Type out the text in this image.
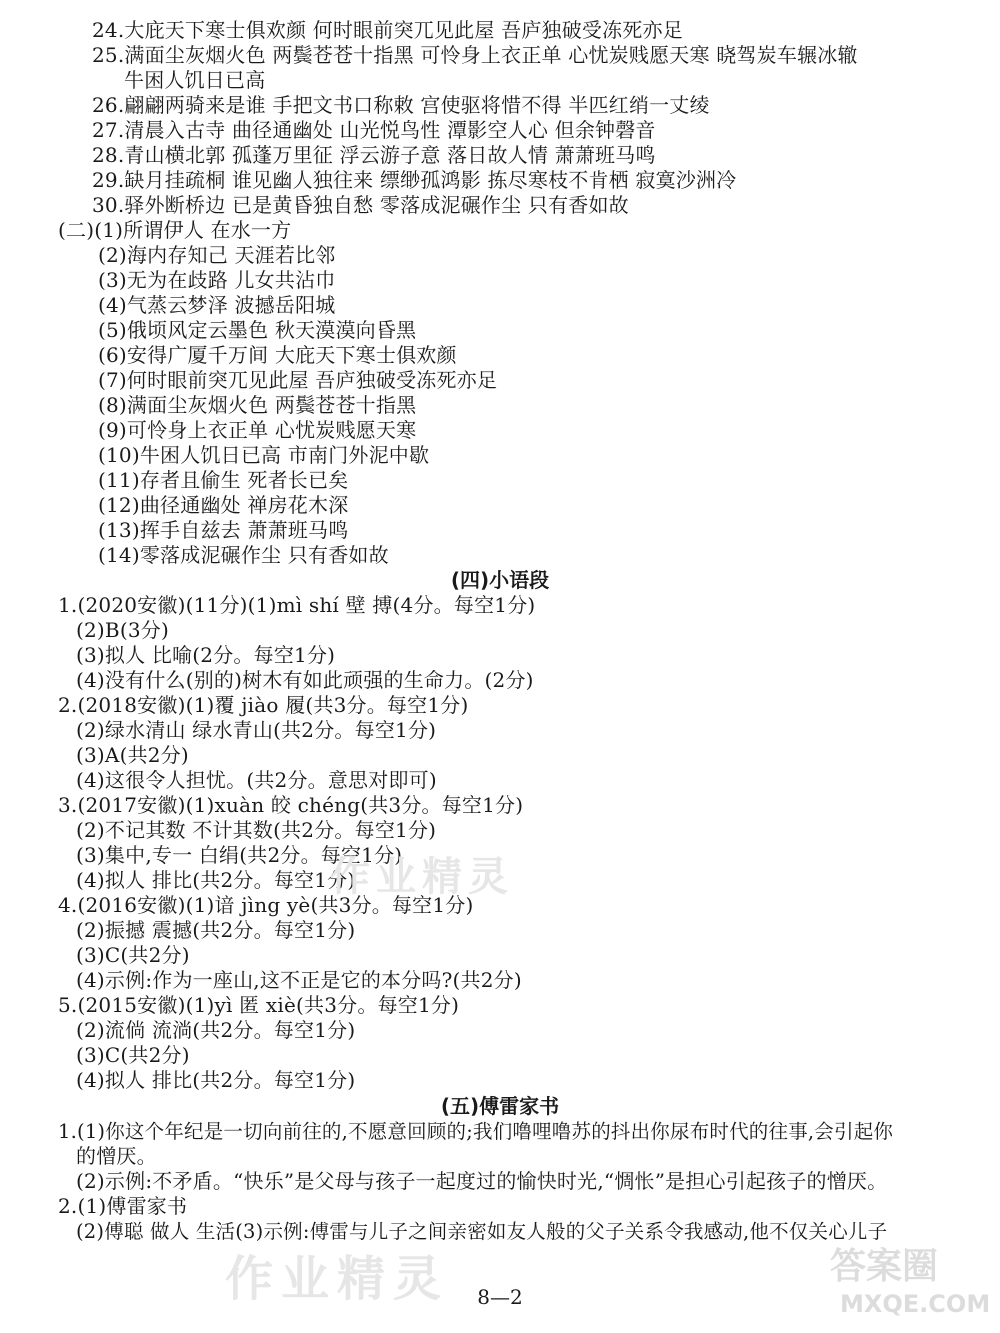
24.大庇天下寒士俱欢颜 何时眼前突兀见此屋 吾庐独破受冻死亦足
25.满面尘灰烟火色 两鬓苍苍十指黑 可怜身上衣正单 心忧炭贱愿天寒 晓驾炭车辗冰辙
牛困人饥日已高
26.翩翩两骑来是谁 手把文书口称敕 宫使驱将惜不得 半匹红绡一丈绫
27.清晨入古寺 曲径通幽处 山光悦鸟性 潭影空人心 但余钟磬音
28.青山横北郭 孤蓬万里征 浮云游子意 落日故人情 萧萧班马鸣
29.缺月挂疏桐 谁见幽人独往来 缥缈孤鸿影 拣尽寒枝不肯栖 寂寞沙洲冷
30.驿外断桥边 已是黄昏独自愁 零落成泥碾作尘 只有香如故
(二)(1)所谓伊人 在水一方
(2)海内存知己 天涯若比邻
(3)无为在歧路 儿女共沾巾
(4)气蒸云梦泽 波撼岳阳城
(5)俄顷风定云墨色 秋天漠漠向昏黑
(6)安得广厦千万间 大庇天下寒士俱欢颜
(7)何时眼前突兀见此屋 吾庐独破受冻死亦足
(8)满面尘灰烟火色 两鬓苍苍十指黑
(9)可怜身上衣正单 心忧炭贱愿天寒
(10)牛困人饥日已高 市南门外泥中歇
(11)存者且偷生 死者长已矣
(12)曲径通幽处 禅房花木深
(13)挥手自兹去 萧萧班马鸣
(14)零落成泥碾作尘 只有香如故
(四)小语段
1.(2020安徽)(11分)(1)mì shí 壁 搏(4分。每空1分)
(2)B(3分)
(3)拟人 比喻(2分。每空1分)
(4)没有什么(别的)树木有如此顽强的生命力。(2分)
2.(2018安徽)(1)覆 jiào 履(共3分。每空1分)
(2)绿水清山 绿水青山(共2分。每空1分)
(3)A(共2分)
(4)这很令人担忧。(共2分。意思对即可)
3.(2017安徽)(1)xuàn 皎 chéng(共3分。每空1分)
(2)不记其数 不计其数(共2分。每空1分)
(3)集中,专一 白绢(共2分。每空1分)
(4)拟人 排比(共2分。每空1分)
4.(2016安徽)(1)谙 jìng yè(共3分。每空1分)
(2)振撼 震撼(共2分。每空1分)
(3)C(共2分)
(4)示例:作为一座山,这不正是它的本分吗?(共2分)
5.(2015安徽)(1)yì 匿 xiè(共3分。每空1分)
(2)流倘 流淌(共2分。每空1分)
(3)C(共2分)
(4)拟人 排比(共2分。每空1分)
(五)傅雷家书
1.(1)你这个年纪是一切向前往的,不愿意回顾的;我们噜哩噜苏的抖出你尿布时代的往事,会引起你
的憎厌。
(2)示例:不矛盾。“快乐”是父母与孩子一起度过的愉快时光,“惆怅”是担心引起孩子的憎厌。
2.(1)傅雷家书
(2)傅聪 做人 生活(3)示例:傅雷与儿子之间亲密如友人般的父子关系令我感动,他不仅关心儿子
作业精灵
作业精灵	答案圈
MXQE.COM
8—2
